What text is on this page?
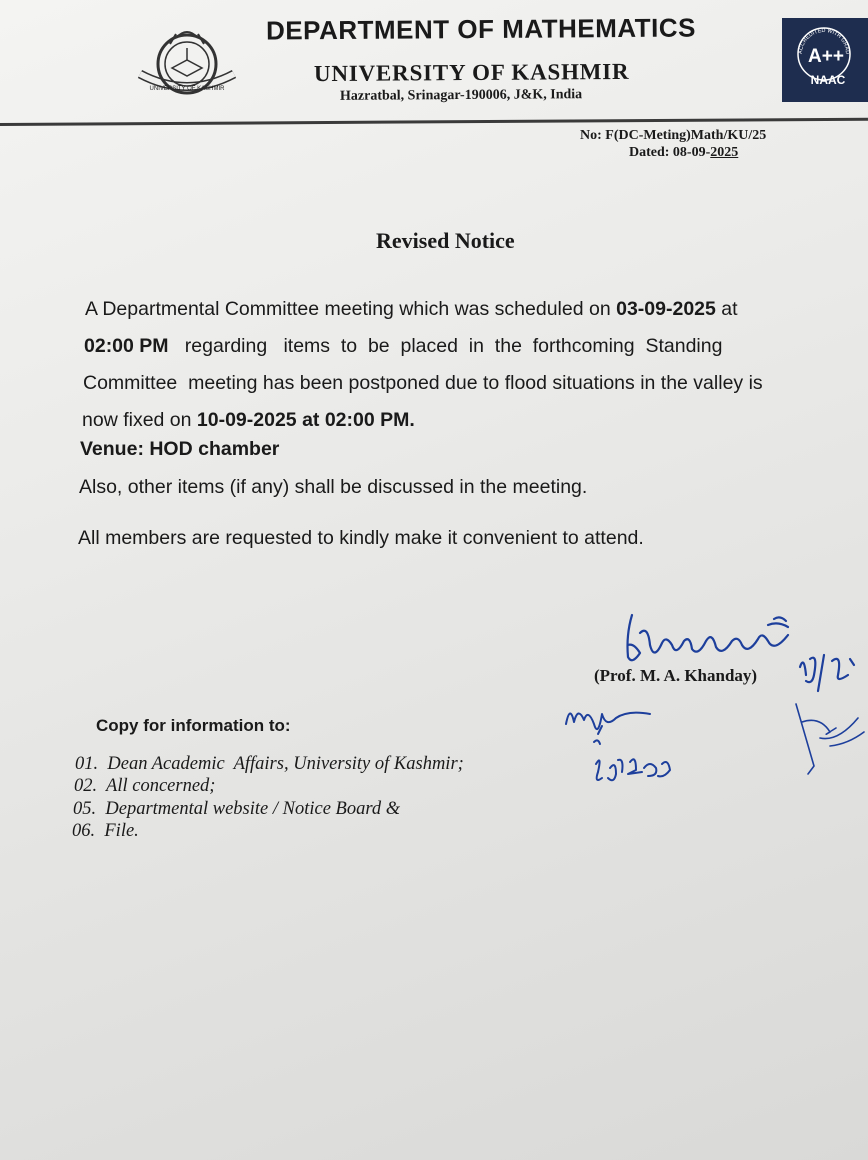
UNIVERSITY OF KASHMIR
DEPARTMENT OF MATHEMATICS
UNIVERSITY OF KASHMIR
Hazratbal, Srinagar-190006, J&K, India
ACCREDITED WITH GRAD
A++
NAAC
No: F(DC-Meting)Math/KU/25
Dated: 08-09-2025
Revised Notice
A Departmental Committee meeting which was scheduled on 03-09-2025 at
02:00 PM   regarding   items  to  be  placed  in  the  forthcoming  Standing
Committee  meeting has been postponed due to flood situations in the valley is
now fixed on 10-09-2025 at 02:00 PM.
Venue: HOD chamber
Also, other items (if any) shall be discussed in the meeting.
All members are requested to kindly make it convenient to attend.
(Prof. M. A. Khanday)
Copy for information to:
01.  Dean Academic  Affairs, University of Kashmir;
02.  All concerned;
05.  Departmental website / Notice Board &
06.  File.
